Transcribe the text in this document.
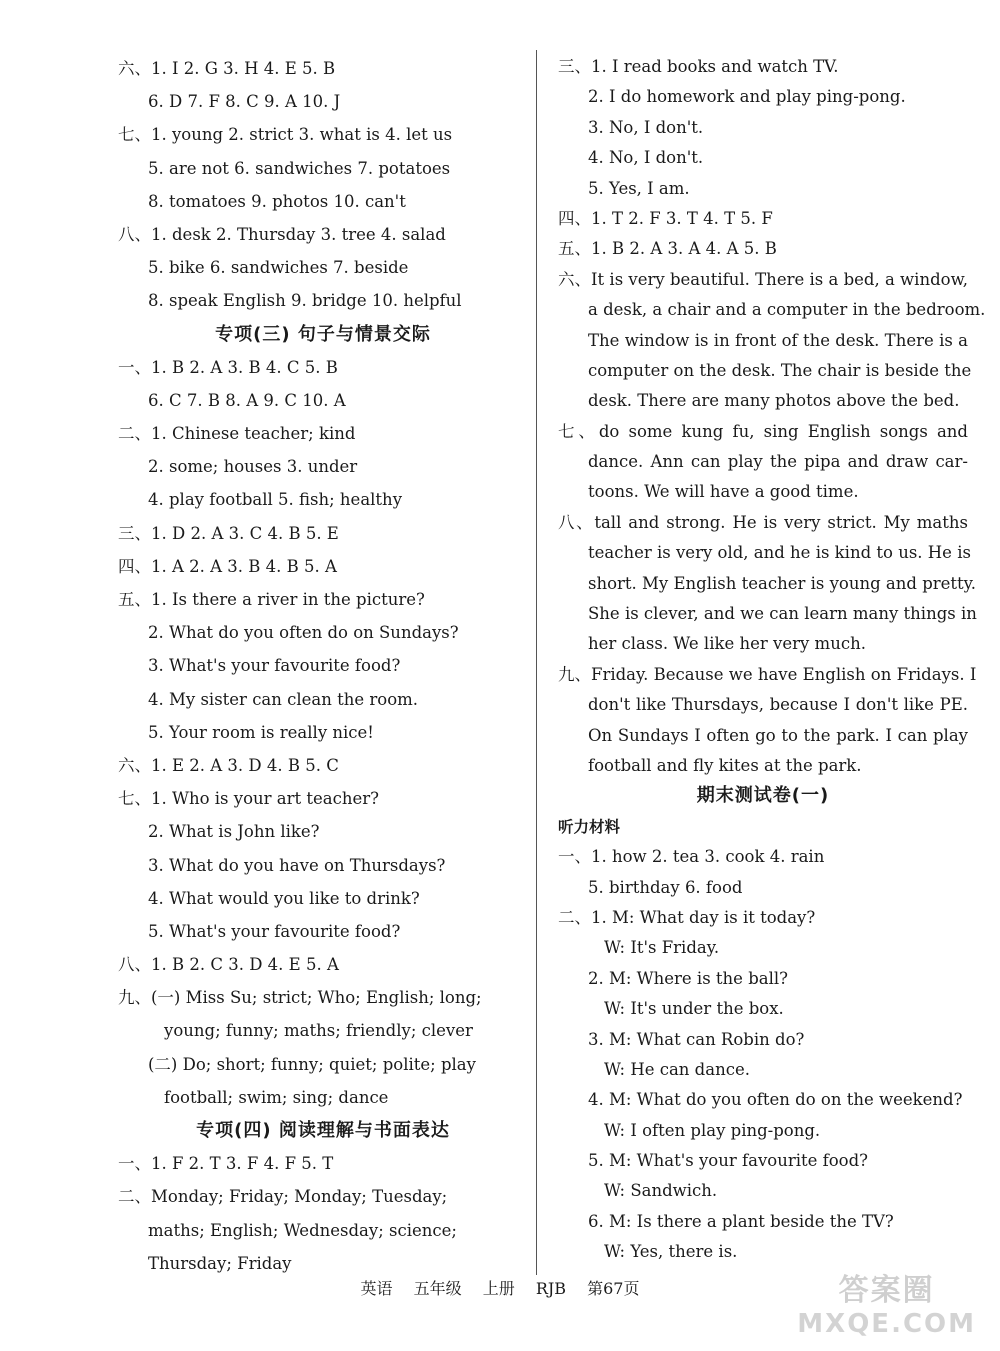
六、1. I 2. G 3. H 4. E 5. B
6. D 7. F 8. C 9. A 10. J
七、1. young 2. strict 3. what is 4. let us
5. are not 6. sandwiches 7. potatoes
8. tomatoes 9. photos 10. can't
八、1. desk 2. Thursday 3. tree 4. salad
5. bike 6. sandwiches 7. beside
8. speak English 9. bridge 10. helpful
专项(三) 句子与情景交际
一、1. B 2. A 3. B 4. C 5. B
6. C 7. B 8. A 9. C 10. A
二、1. Chinese teacher; kind
2. some; houses 3. under
4. play football 5. fish; healthy
三、1. D 2. A 3. C 4. B 5. E
四、1. A 2. A 3. B 4. B 5. A
五、1. Is there a river in the picture?
2. What do you often do on Sundays?
3. What's your favourite food?
4. My sister can clean the room.
5. Your room is really nice!
六、1. E 2. A 3. D 4. B 5. C
七、1. Who is your art teacher?
2. What is John like?
3. What do you have on Thursdays?
4. What would you like to drink?
5. What's your favourite food?
八、1. B 2. C 3. D 4. E 5. A
九、(一) Miss Su; strict; Who; English; long;
young; funny; maths; friendly; clever
(二) Do; short; funny; quiet; polite; play
football; swim; sing; dance
专项(四) 阅读理解与书面表达
一、1. F 2. T 3. F 4. F 5. T
二、Monday; Friday; Monday; Tuesday;
maths; English; Wednesday; science;
Thursday; Friday
三、1. I read books and watch TV.
2. I do homework and play ping-pong.
3. No, I don't.
4. No, I don't.
5. Yes, I am.
四、1. T 2. F 3. T 4. T 5. F
五、1. B 2. A 3. A 4. A 5. B
六、It is very beautiful. There is a bed, a window,
a desk, a chair and a computer in the bedroom.
The window is in front of the desk. There is a
computer on the desk. The chair is beside the
desk. There are many photos above the bed.
七、do some kung fu, sing English songs and
dance. Ann can play the pipa and draw car-
toons. We will have a good time.
八、tall and strong. He is very strict. My maths
teacher is very old, and he is kind to us. He is
short. My English teacher is young and pretty.
She is clever, and we can learn many things in
her class. We like her very much.
九、Friday. Because we have English on Fridays. I
don't like Thursdays, because I don't like PE.
On Sundays I often go to the park. I can play
football and fly kites at the park.
期末测试卷(一)
听力材料
一、1. how 2. tea 3. cook 4. rain
5. birthday 6. food
二、1. M: What day is it today?
W: It's Friday.
2. M: Where is the ball?
W: It's under the box.
3. M: What can Robin do?
W: He can dance.
4. M: What do you often do on the weekend?
W: I often play ping-pong.
5. M: What's your favourite food?
W: Sandwich.
6. M: Is there a plant beside the TV?
W: Yes, there is.
英语 五年级 上册 RJB 第67页	答案圈
MXQE.COM
